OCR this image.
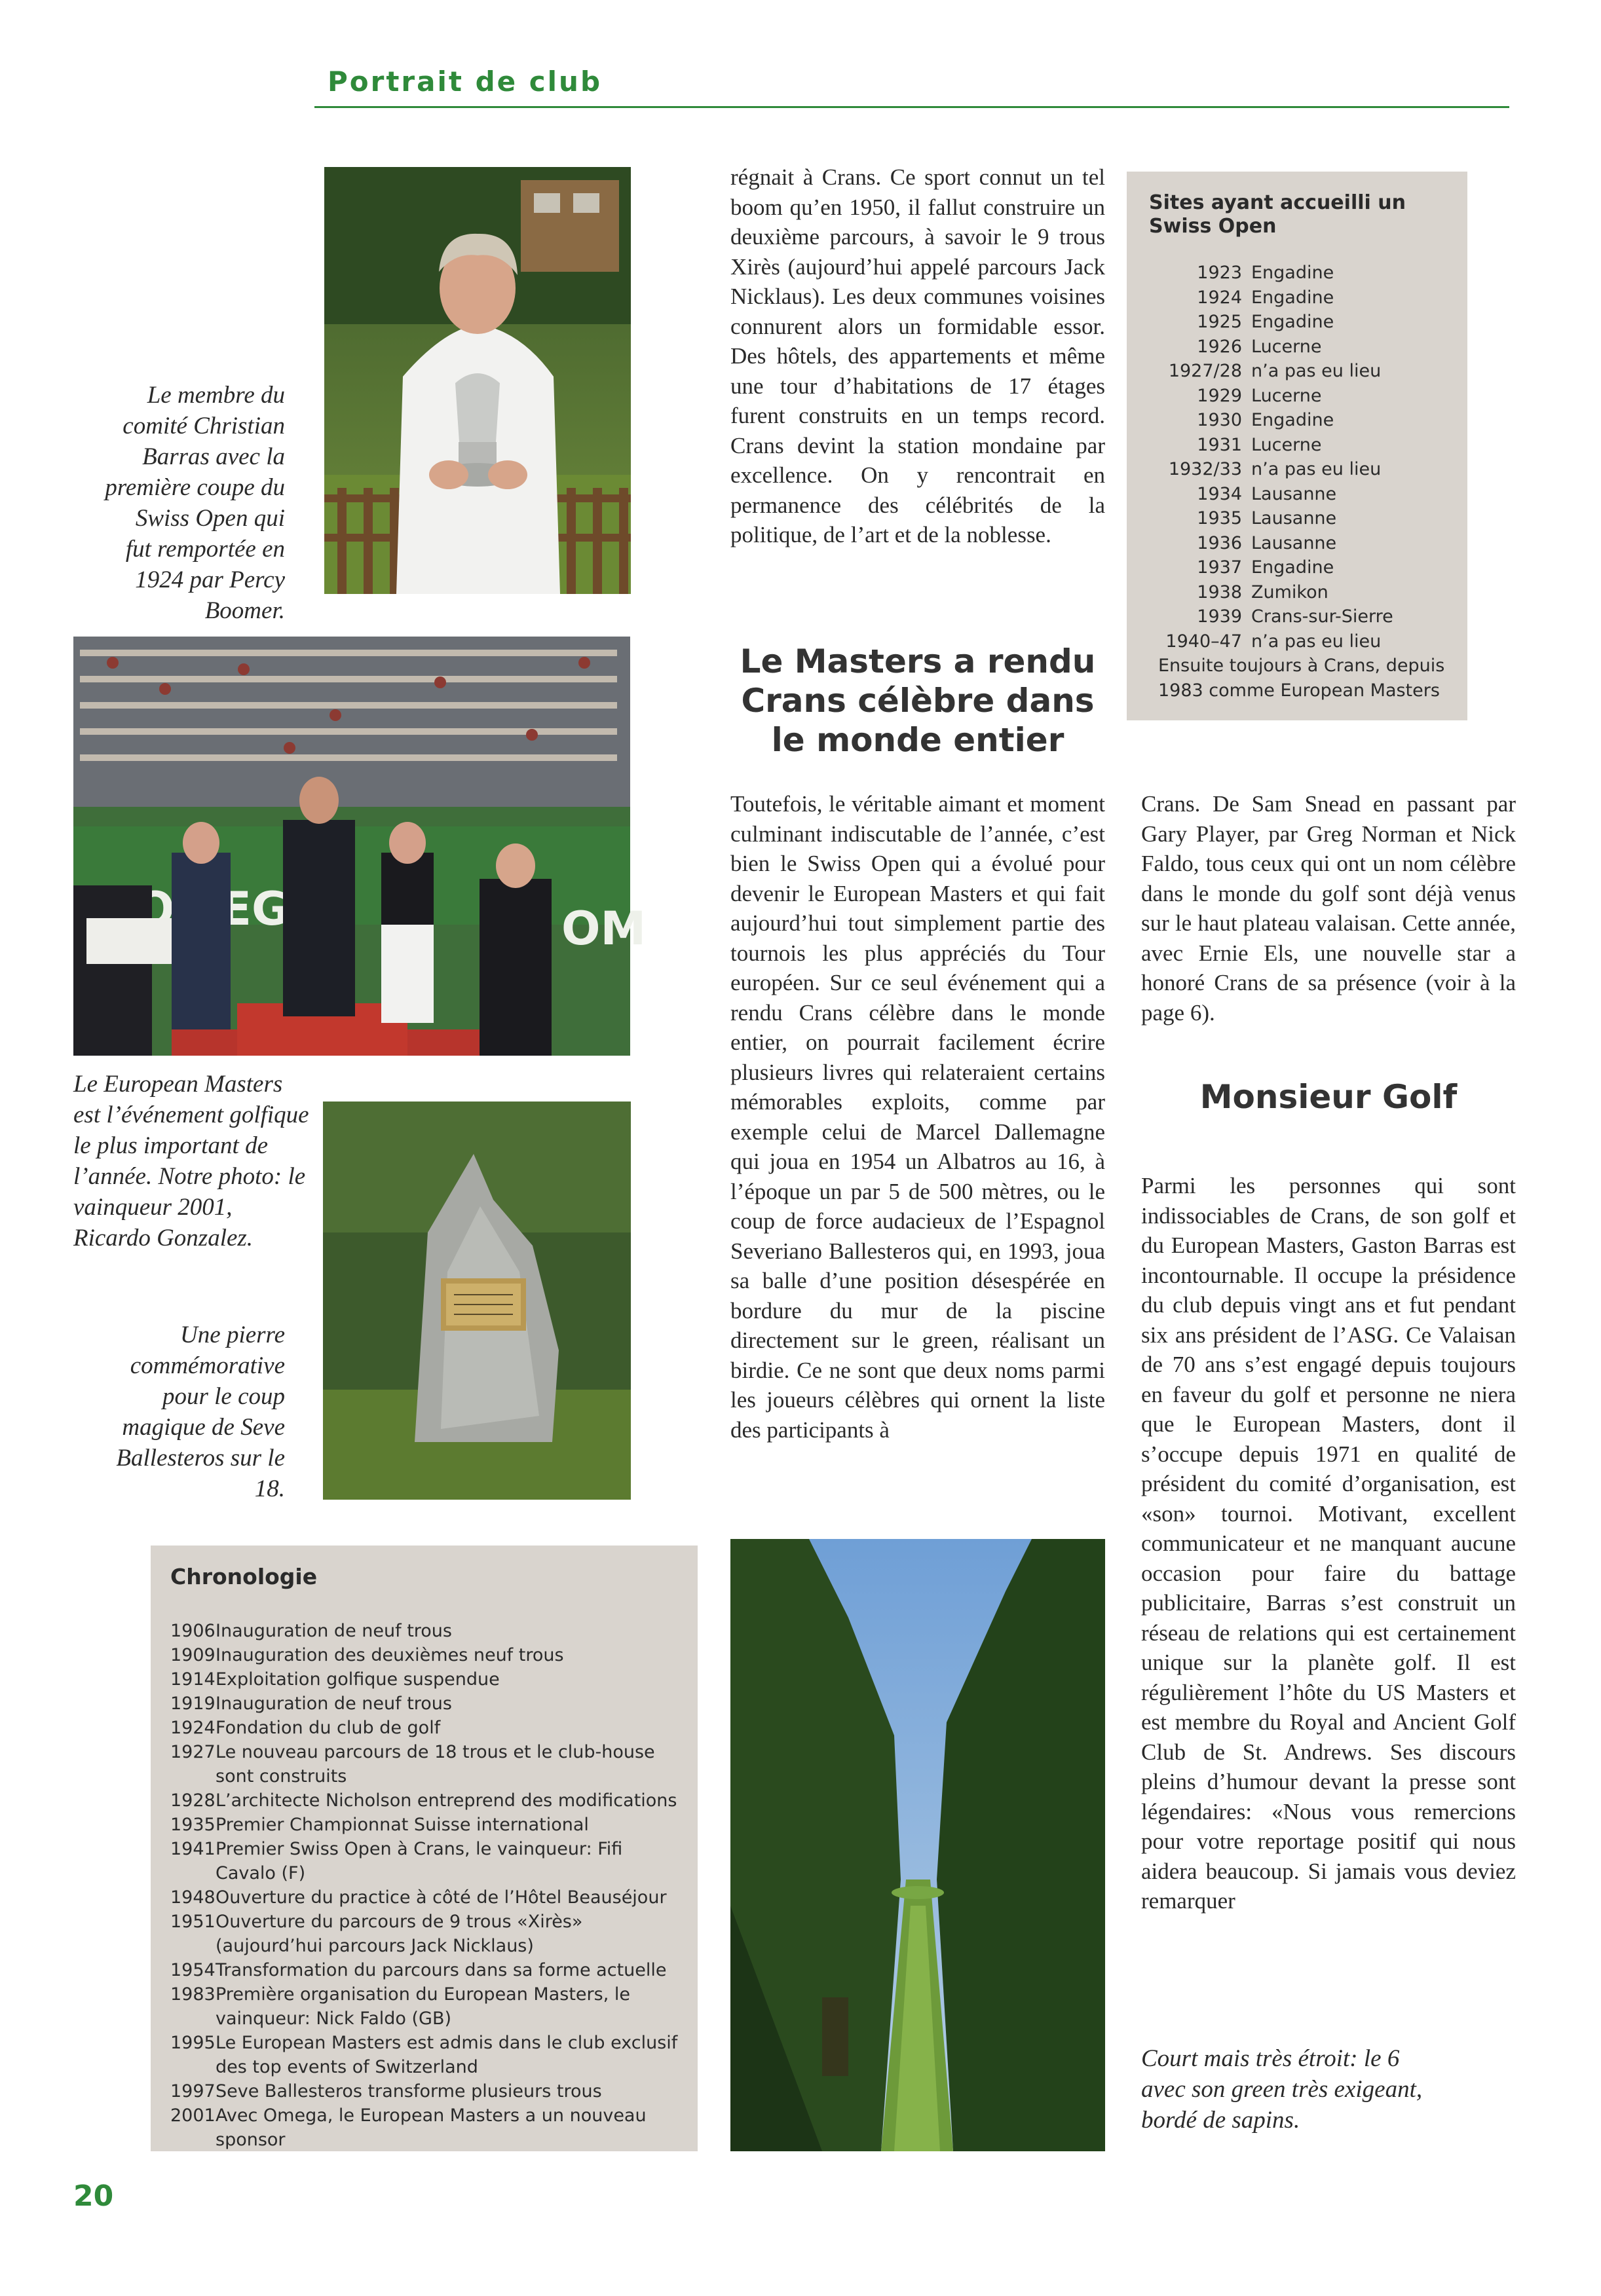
Portrait de club
Le membre du comité Christian Barras avec la première coupe du Swiss Open qui fut remportée en 1924 par Percy Boomer.
OM
Le European Masters est l’événement golfique le plus important de l’année. Notre photo: le vainqueur 2001, Ricardo Gonzalez.
Une pierre commémorative pour le coup magique de Seve Ballesteros sur le 18.

régnait à Crans. Ce sport connut un tel boom qu’en 1950, il fallut construire un deuxième parcours, à savoir le 9 trous Xirès (aujourd’hui appelé parcours Jack Nicklaus). Les deux communes voisines connurent alors un formidable essor. Des hôtels, des appartements et même une tour d’habitations de 17 étages furent construits en un temps record. Crans devint la station mondaine par excellence. On y rencontrait en permanence des célébrités de la politique, de l’art et de la noblesse.

Le Masters a rendu Crans célèbre dans le monde entier

Toutefois, le véritable aimant et moment culminant indiscutable de l’année, c’est bien le Swiss Open qui a évolué pour devenir le European Masters et qui fait aujourd’hui tout simplement partie des tournois les plus appréciés du Tour européen. Sur ce seul événement qui a rendu Crans célèbre dans le monde entier, on pourrait facilement écrire plusieurs livres qui relateraient certains mémorables exploits, comme par exemple celui de Marcel Dallemagne qui joua en 1954 un Albatros au 16, à l’époque un par 5 de 500 mètres, ou le coup de force audacieux de l’Espagnol Severiano Ballesteros qui, en 1993, joua sa balle d’une position désespérée en bordure du mur de la piscine directement sur le green, réalisant un birdie. Ce ne sont que deux noms parmi les joueurs célèbres qui ornent la liste des participants à

Sites ayant accueilli un Swiss Open
1923 Engadine
1924 Engadine
1925 Engadine
1926 Lucerne
1927/28 n’a pas eu lieu
1929 Lucerne
1930 Engadine
1931 Lucerne
1932/33 n’a pas eu lieu
1934 Lausanne
1935 Lausanne
1936 Lausanne
1937 Engadine
1938 Zumikon
1939 Crans-sur-Sierre
1940–47 n’a pas eu lieu
Ensuite toujours à Crans, depuis 1983 comme European Masters

Crans. De Sam Snead en passant par Gary Player, par Greg Norman et Nick Faldo, tous ceux qui ont un nom célèbre dans le monde du golf sont déjà venus sur le haut plateau valaisan. Cette année, avec Ernie Els, une nouvelle star a honoré Crans de sa présence (voir à la page 6).

Monsieur Golf

Parmi les personnes qui sont indissociables de Crans, de son golf et du European Masters, Gaston Barras est incontournable. Il occupe la présidence du club depuis vingt ans et fut pendant six ans président de l’ASG. Ce Valaisan de 70 ans s’est engagé depuis toujours en faveur du golf et personne ne niera que le European Masters, dont il s’occupe depuis 1971 en qualité de président du comité d’organisation, est «son» tournoi. Motivant, excellent communicateur et ne manquant aucune occasion pour faire du battage publicitaire, Barras s’est construit un réseau de relations qui est certainement unique sur la planète golf. Il est régulièrement l’hôte du US Masters et est membre du Royal and Ancient Golf Club de St. Andrews. Ses discours pleins d’humour devant la presse sont légendaires: «Nous vous remercions pour votre reportage positif qui nous aidera beaucoup. Si jamais vous deviez remarquer

Court mais très étroit: le 6 avec son green très exigeant, bordé de sapins.
Chronologie
1906 Inauguration de neuf trous
1909 Inauguration des deuxièmes neuf trous
1914 Exploitation golfique suspendue
1919 Inauguration de neuf trous
1924 Fondation du club de golf
1927 Le nouveau parcours de 18 trous et le club-house sont construits
1928 L’architecte Nicholson entreprend des modifications
1935 Premier Championnat Suisse international
1941 Premier Swiss Open à Crans, le vainqueur: Fifi Cavalo (F)
1948 Ouverture du practice à côté de l’Hôtel Beauséjour
1951 Ouverture du parcours de 9 trous «Xirès» (aujourd’hui parcours Jack Nicklaus)
1954 Transformation du parcours dans sa forme actuelle
1983 Première organisation du European Masters, le vainqueur: Nick Faldo (GB)
1995 Le European Masters est admis dans le club exclusif des top events of Switzerland
1997 Seve Ballesteros transforme plusieurs trous
2001 Avec Omega, le European Masters a un nouveau sponsor
20
